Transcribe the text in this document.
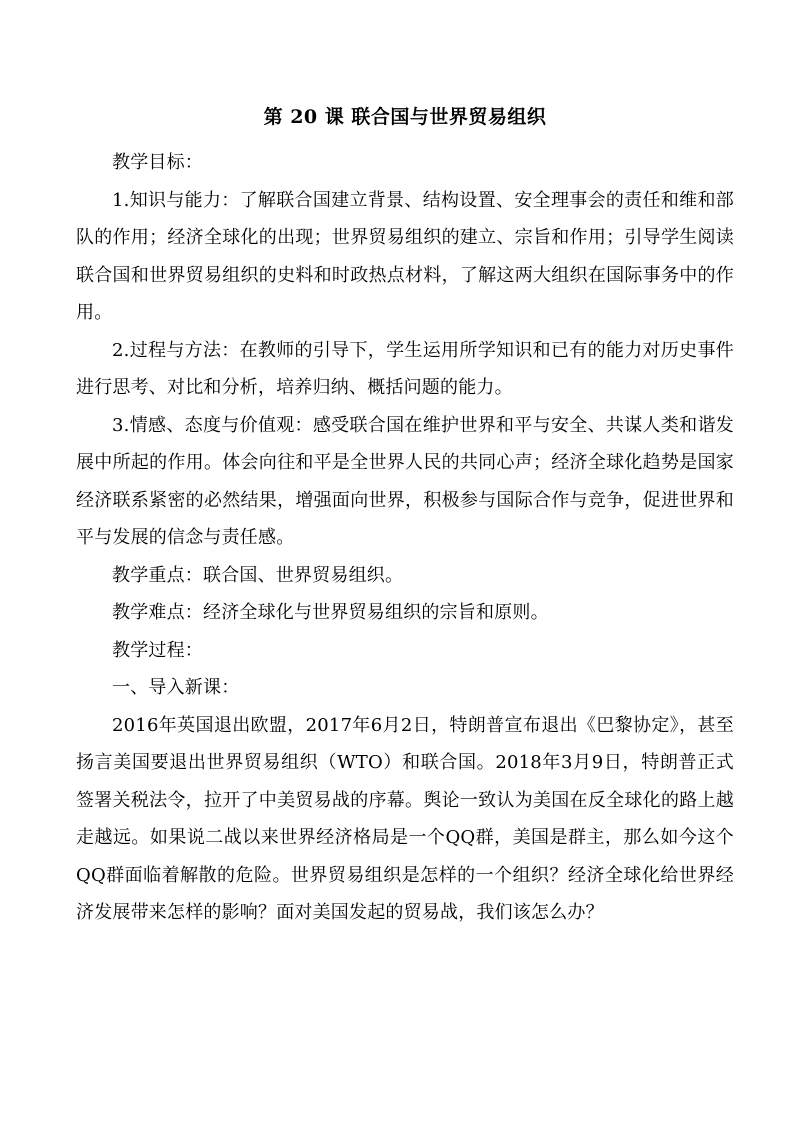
第 20 课 联合国与世界贸易组织

教学目标：

1.知识与能力：了解联合国建立背景、结构设置、安全理事会的责任和维和部队的作用；经济全球化的出现；世界贸易组织的建立、宗旨和作用；引导学生阅读联合国和世界贸易组织的史料和时政热点材料，了解这两大组织在国际事务中的作用。

2.过程与方法：在教师的引导下，学生运用所学知识和已有的能力对历史事件进行思考、对比和分析，培养归纳、概括问题的能力。

3.情感、态度与价值观：感受联合国在维护世界和平与安全、共谋人类和谐发展中所起的作用。体会向往和平是全世界人民的共同心声；经济全球化趋势是国家经济联系紧密的必然结果，增强面向世界，积极参与国际合作与竞争，促进世界和平与发展的信念与责任感。

教学重点：联合国、世界贸易组织。

教学难点：经济全球化与世界贸易组织的宗旨和原则。

教学过程：

一、导入新课：

2016年英国退出欧盟，2017年6月2日，特朗普宣布退出《巴黎协定》，甚至扬言美国要退出世界贸易组织（WTO）和联合国。2018年3月9日，特朗普正式签署关税法令，拉开了中美贸易战的序幕。舆论一致认为美国在反全球化的路上越走越远。如果说二战以来世界经济格局是一个QQ群，美国是群主，那么如今这个QQ群面临着解散的危险。世界贸易组织是怎样的一个组织？经济全球化给世界经济发展带来怎样的影响？面对美国发起的贸易战，我们该怎么办？
